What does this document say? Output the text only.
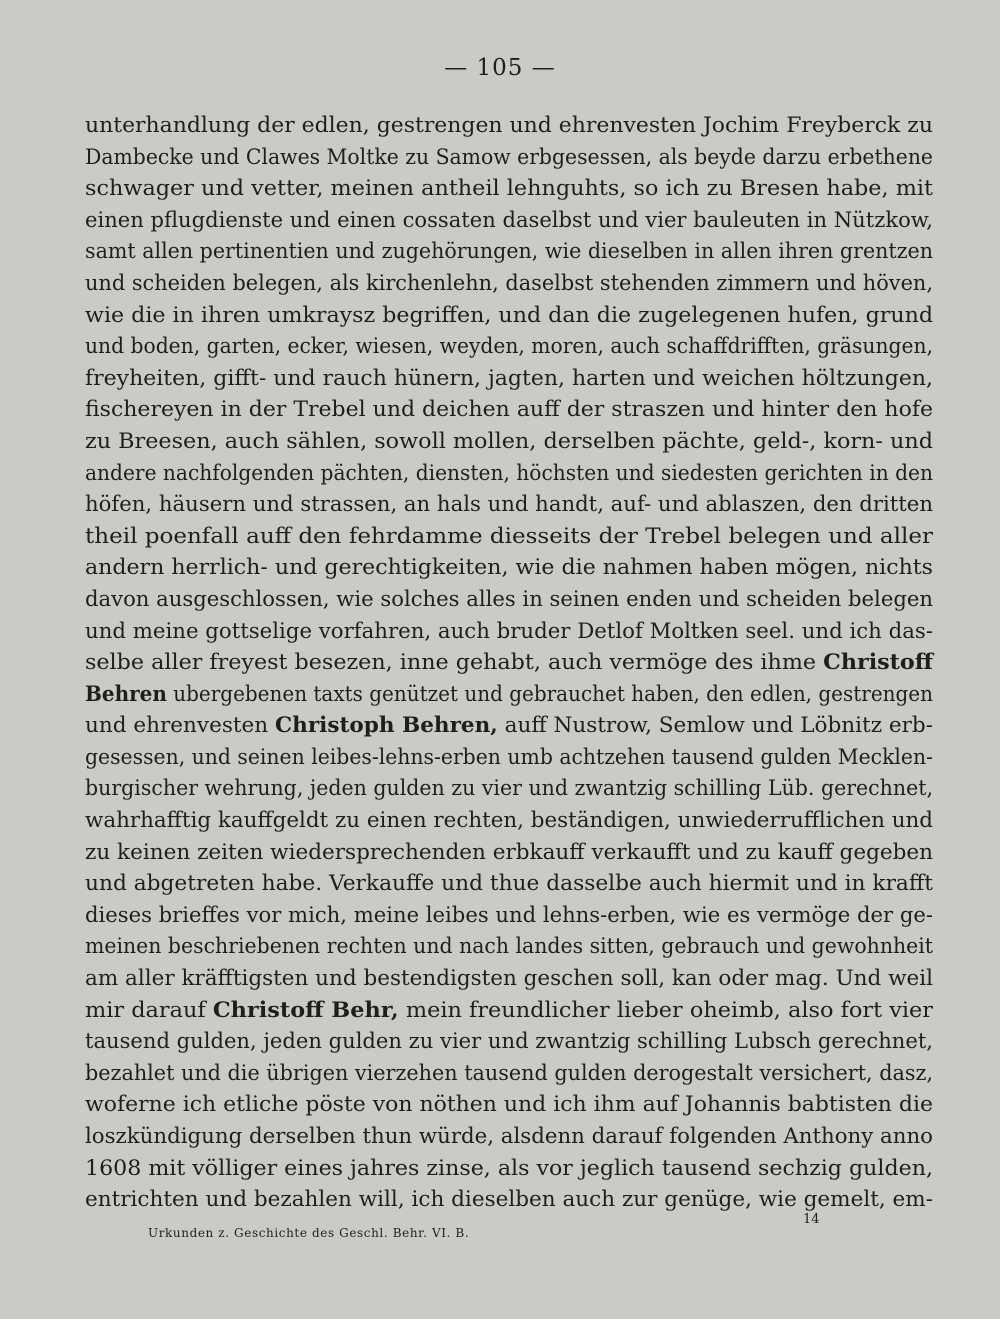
— 105 —
unterhandlung der edlen, gestrengen und ehrenvesten Jochim Freyberck zu
Dambecke und Clawes Moltke zu Samow erbgesessen, als beyde darzu erbethene
schwager und vetter, meinen antheil lehnguhts, so ich zu Bresen habe, mit
einen pflugdienste und einen cossaten daselbst und vier bauleuten in Nützkow,
samt allen pertinentien und zugehörungen, wie dieselben in allen ihren grentzen
und scheiden belegen, als kirchenlehn, daselbst stehenden zimmern und höven,
wie die in ihren umkraysz begriffen, und dan die zugelegenen hufen, grund
und boden, garten, ecker, wiesen, weyden, moren, auch schaffdrifften, gräsungen,
freyheiten, gifft- und rauch hünern, jagten, harten und weichen höltzungen,
fischereyen in der Trebel und deichen auff der straszen und hinter den hofe
zu Breesen, auch sählen, sowoll mollen, derselben pächte, geld-, korn- und
andere nachfolgenden pächten, diensten, höchsten und siedesten gerichten in den
höfen, häusern und strassen, an hals und handt, auf- und ablaszen, den dritten
theil poenfall auff den fehrdamme diesseits der Trebel belegen und aller
andern herrlich- und gerechtigkeiten, wie die nahmen haben mögen, nichts
davon ausgeschlossen, wie solches alles in seinen enden und scheiden belegen
und meine gottselige vorfahren, auch bruder Detlof Moltken seel. und ich das-
selbe aller freyest besezen, inne gehabt, auch vermöge des ihme Christoff
Behren ubergebenen taxts genützet und gebrauchet haben, den edlen, gestrengen
und ehrenvesten Christoph Behren, auff Nustrow, Semlow und Löbnitz erb-
gesessen, und seinen leibes-lehns-erben umb achtzehen tausend gulden Mecklen-
burgischer wehrung, jeden gulden zu vier und zwantzig schilling Lüb. gerechnet,
wahrhafftig kauffgeldt zu einen rechten, beständigen, unwiederrufflichen und
zu keinen zeiten wiedersprechenden erbkauff verkaufft und zu kauff gegeben
und abgetreten habe. Verkauffe und thue dasselbe auch hiermit und in krafft
dieses brieffes vor mich, meine leibes und lehns-erben, wie es vermöge der ge-
meinen beschriebenen rechten und nach landes sitten, gebrauch und gewohnheit
am aller kräfftigsten und bestendigsten geschen soll, kan oder mag. Und weil
mir darauf Christoff Behr, mein freundlicher lieber oheimb, also fort vier
tausend gulden, jeden gulden zu vier und zwantzig schilling Lubsch gerechnet,
bezahlet und die übrigen vierzehen tausend gulden derogestalt versichert, dasz,
woferne ich etliche pöste von nöthen und ich ihm auf Johannis babtisten die
loszkündigung derselben thun würde, alsdenn darauf folgenden Anthony anno
1608 mit völliger eines jahres zinse, als vor jeglich tausend sechzig gulden,
entrichten und bezahlen will, ich dieselben auch zur genüge, wie gemelt, em-
14
Urkunden z. Geschichte des Geschl. Behr. VI. B.
